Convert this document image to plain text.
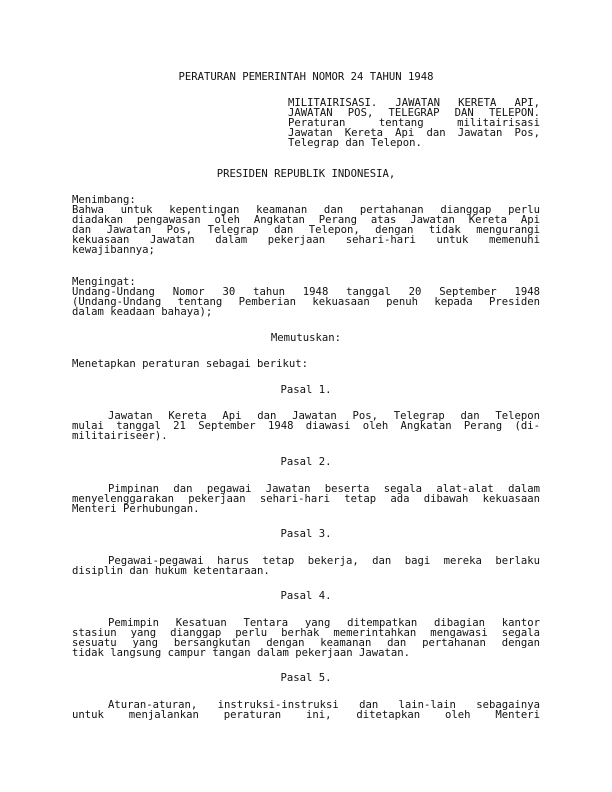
PERATURAN PEMERINTAH NOMOR 24 TAHUN 1948
MILITAIRISASI. JAWATAN KERETA API,
JAWATAN POS, TELEGRAP DAN TELEPON.
Peraturan tentang militairisasi
Jawatan Kereta Api dan Jawatan Pos,
Telegrap dan Telepon.
PRESIDEN REPUBLIK INDONESIA,
Menimbang:
Bahwa untuk kepentingan keamanan dan pertahanan dianggap perlu
diadakan pengawasan oleh Angkatan Perang atas Jawatan Kereta Api
dan Jawatan Pos, Telegrap dan Telepon, dengan tidak mengurangi
kekuasaan Jawatan dalam pekerjaan sehari-hari untuk memenuhi
kewajibannya;
Mengingat:
Undang-Undang Nomor 30 tahun 1948 tanggal 20 September 1948
(Undang-Undang tentang Pemberian kekuasaan penuh kepada Presiden
dalam keadaan bahaya);
Memutuskan:
Menetapkan peraturan sebagai berikut:
Pasal 1.
Jawatan Kereta Api dan Jawatan Pos, Telegrap dan Telepon
mulai tanggal 21 September 1948 diawasi oleh Angkatan Perang (di-
militairiseer).
Pasal 2.
Pimpinan dan pegawai Jawatan beserta segala alat-alat dalam
menyelenggarakan pekerjaan sehari-hari tetap ada dibawah kekuasaan
Menteri Perhubungan.
Pasal 3.
Pegawai-pegawai harus tetap bekerja, dan bagi mereka berlaku
disiplin dan hukum ketentaraan.
Pasal 4.
Pemimpin Kesatuan Tentara yang ditempatkan dibagian kantor
stasiun yang dianggap perlu berhak memerintahkan mengawasi segala
sesuatu yang bersangkutan dengan keamanan dan pertahanan dengan
tidak langsung campur tangan dalam pekerjaan Jawatan.
Pasal 5.
Aturan-aturan, instruksi-instruksi dan lain-lain sebagainya
untuk menjalankan peraturan ini, ditetapkan oleh Menteri
